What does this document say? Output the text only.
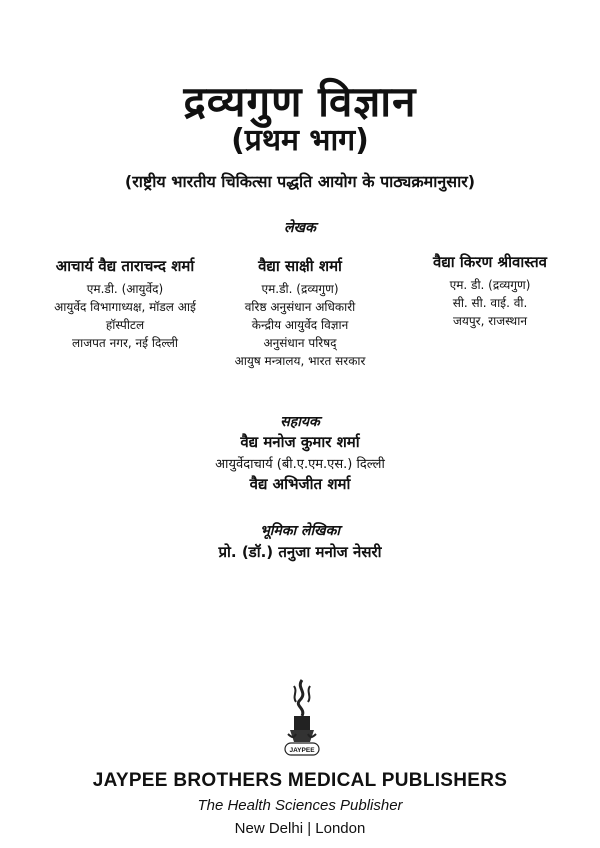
द्रव्यगुण विज्ञान
(प्रथम भाग)
(राष्ट्रीय भारतीय चिकित्सा पद्धति आयोग के पाठ्यक्रमानुसार)
लेखक
आचार्य वैद्य ताराचन्द शर्मा
एम.डी. (आयुर्वेद)
आयुर्वेद विभागाध्यक्ष, मॉडल आई
हॉस्पीटल
लाजपत नगर, नई दिल्ली
वैद्या साक्षी शर्मा
एम.डी. (द्रव्यगुण)
वरिष्ठ अनुसंधान अधिकारी
केन्द्रीय आयुर्वेद विज्ञान
अनुसंधान परिषद्
आयुष मन्त्रालय, भारत सरकार
वैद्या किरण श्रीवास्तव
एम. डी. (द्रव्यगुण)
सी. सी. वाई. वी.
जयपुर, राजस्थान
सहायक
वैद्य मनोज कुमार शर्मा
आयुर्वेदाचार्य (बी.ए.एम.एस.) दिल्ली
वैद्य अभिजीत शर्मा
भूमिका लेखिका
प्रो. (डॉ.) तनुजा मनोज नेसरी
JAYPEE
JAYPEE BROTHERS MEDICAL PUBLISHERS
The Health Sciences Publisher
New Delhi | London
